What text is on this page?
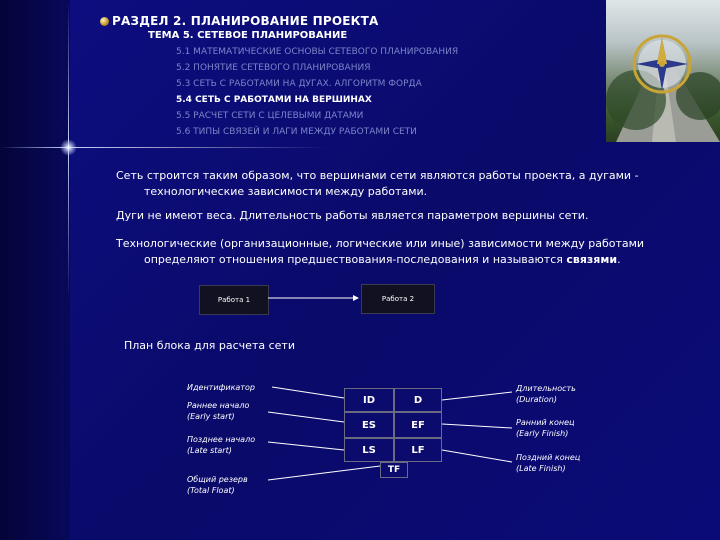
РАЗДЕЛ 2. ПЛАНИРОВАНИЕ ПРОЕКТА
ТЕМА 5. СЕТЕВОЕ ПЛАНИРОВАНИЕ
5.1 МАТЕМАТИЧЕСКИЕ ОСНОВЫ СЕТЕВОГО ПЛАНИРОВАНИЯ
5.2 ПОНЯТИЕ СЕТЕВОГО ПЛАНИРОВАНИЯ
5.3 СЕТЬ С РАБОТАМИ НА ДУГАХ. АЛГОРИТМ ФОРДА
5.4 СЕТЬ С РАБОТАМИ НА ВЕРШИНАХ
5.5 РАСЧЕТ СЕТИ С ЦЕЛЕВЫМИ ДАТАМИ
5.6 ТИПЫ СВЯЗЕЙ И ЛАГИ МЕЖДУ РАБОТАМИ СЕТИ
Сеть строится таким образом, что вершинами сети являются работы проекта, а дугами -
технологические зависимости между работами.
Дуги не имеют веса. Длительность работы является параметром вершины сети.
Технологические (организационные, логические или иные) зависимости между работами
определяют отношения предшествования-последования и называются связями.
Работа 1	Работа 2
План блока для расчета сети
Идентификатор
Раннее начало
(Early start)
Позднее начало
(Late start)
Общий резерв
(Total Float)
Длительность
(Duration)
Ранний конец
(Early Finish)
Поздний конец
(Late Finish)
ID	D
ES	EF
LS	LF
TF
